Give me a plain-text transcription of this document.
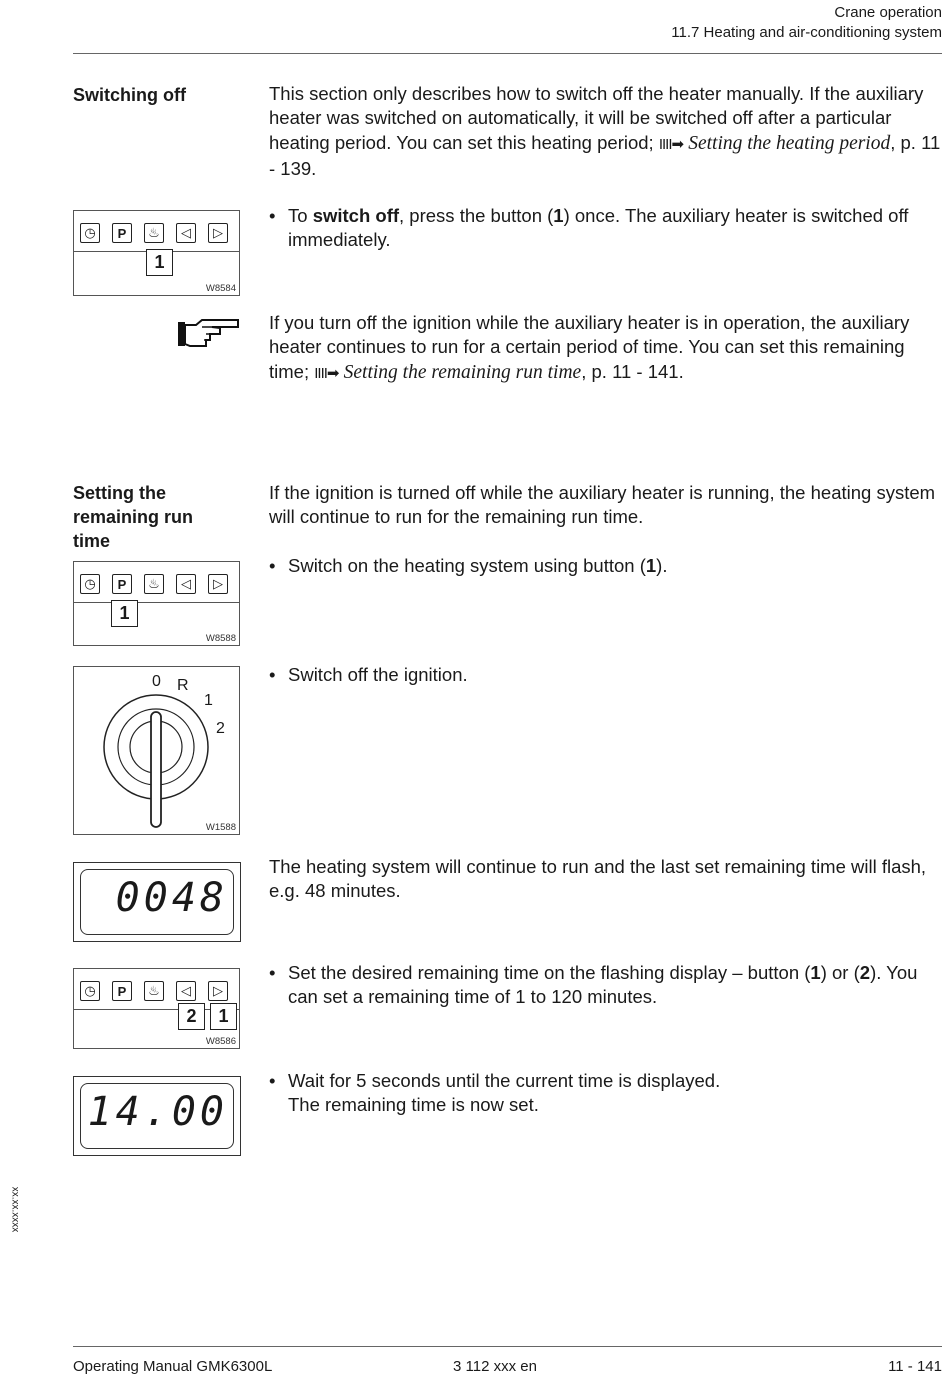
Crane operation
11.7 Heating and air-conditioning system
Switching off	This section only describes how to switch off the heater manually. If the auxiliary heater was switched on automatically, it will be switched off after a particular heating period. You can set this heating period; IIII➡ Setting the heating period, p. 11 - 139.
◷	P	♨	◁	▷
1
W8584
• To switch off, press the button (1) once. The auxiliary heater is switched off immediately.
If you turn off the ignition while the auxiliary heater is in operation, the auxiliary heater continues to run for a certain period of time. You can set this remaining time; IIII➡ Setting the remaining run time, p. 11 - 141.
Setting the remaining run time
If the ignition is turned off while the auxiliary heater is running, the heating system will continue to run for the remaining run time.
• Switch on the heating system using button (1).
◷	P	♨	◁	▷
1
W8588
0 R
1
2
W1588
• Switch off the ignition.
0048
The heating system will continue to run and the last set remaining time will flash, e.g. 48 minutes.
◷	P	♨	◁	▷
2	1
W8586
• Set the desired remaining time on the flashing display – button (1) or (2). You can set a remaining time of 1 to 120 minutes.
14.00
• Wait for 5 seconds until the current time is displayed.
The remaining time is now set.
xx.xx.xxxx
Operating Manual GMK6300L	3 112 xxx en	11 - 141
